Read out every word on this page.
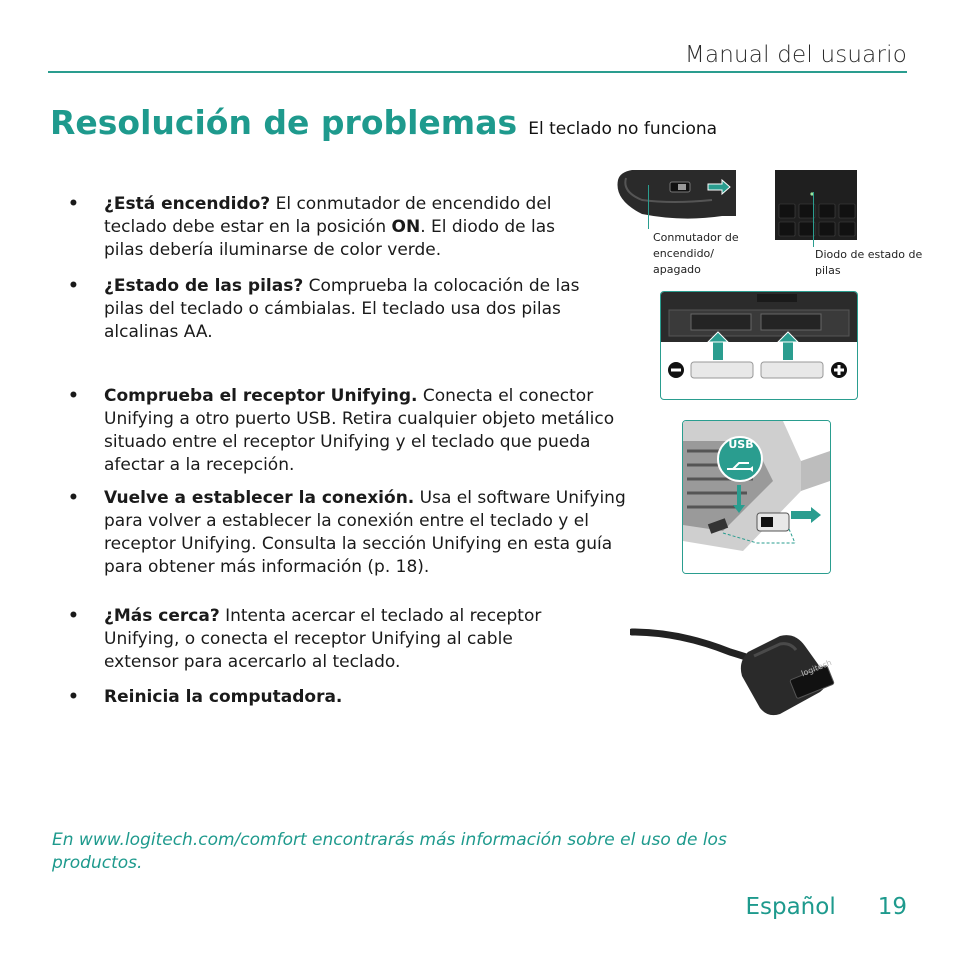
Manual del usuario
Resolución de problemas El teclado no funciona
• ¿Está encendido? El conmutador de encendido del teclado debe estar en la posición ON. El diodo de las pilas debería iluminarse de color verde.
• ¿Estado de las pilas? Comprueba la colocación de las pilas del teclado o cámbialas. El teclado usa dos pilas alcalinas AA.
• Comprueba el receptor Unifying. Conecta el conector Unifying a otro puerto USB. Retira cualquier objeto metálico situado entre el receptor Unifying y el teclado que pueda afectar a la recepción.
• Vuelve a establecer la conexión. Usa el software Unifying para volver a establecer la conexión entre el teclado y el receptor Unifying. Consulta la sección Unifying en esta guía para obtener más información (p. 18).
• ¿Más cerca? Intenta acercar el teclado al receptor Unifying, o conecta el receptor Unifying al cable extensor para acercarlo al teclado.
• Reinicia la computadora.
Conmutador de encendido/ apagado
Diodo de estado de pilas
USB
logitech
En www.logitech.com/comfort encontrarás más información sobre el uso de los productos.
Español 19
